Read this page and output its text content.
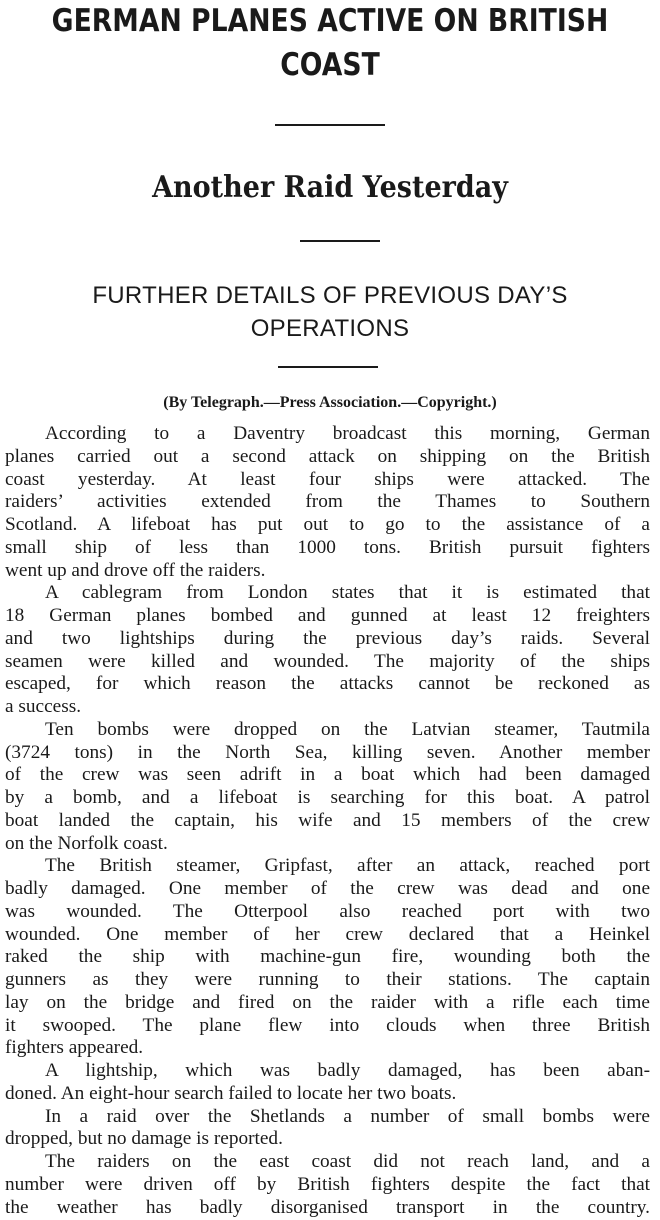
GERMAN PLANES ACTIVE ON BRITISH
COAST
Another Raid Yesterday
FURTHER DETAILS OF PREVIOUS DAY’S
OPERATIONS
(By Telegraph.—Press Association.—Copyright.)
According to a Daventry broadcast this morning, German
planes carried out a second attack on shipping on the British
coast yesterday. At least four ships were attacked. The
raiders’ activities extended from the Thames to Southern
Scotland. A lifeboat has put out to go to the assistance of a
small ship of less than 1000 tons. British pursuit fighters
went up and drove off the raiders.
A cablegram from London states that it is estimated that
18 German planes bombed and gunned at least 12 freighters
and two lightships during the previous day’s raids. Several
seamen were killed and wounded. The majority of the ships
escaped, for which reason the attacks cannot be reckoned as
a success.
Ten bombs were dropped on the Latvian steamer, Tautmila
(3724 tons) in the North Sea, killing seven. Another member
of the crew was seen adrift in a boat which had been damaged
by a bomb, and a lifeboat is searching for this boat. A patrol
boat landed the captain, his wife and 15 members of the crew
on the Norfolk coast.
The British steamer, Gripfast, after an attack, reached port
badly damaged. One member of the crew was dead and one
was wounded. The Otterpool also reached port with two
wounded. One member of her crew declared that a Heinkel
raked the ship with machine-gun fire, wounding both the
gunners as they were running to their stations. The captain
lay on the bridge and fired on the raider with a rifle each time
it swooped. The plane flew into clouds when three British
fighters appeared.
A lightship, which was badly damaged, has been aban-
doned. An eight-hour search failed to locate her two boats.
In a raid over the Shetlands a number of small bombs were
dropped, but no damage is reported.
The raiders on the east coast did not reach land, and a
number were driven off by British fighters despite the fact that
the weather has badly disorganised transport in the country.
